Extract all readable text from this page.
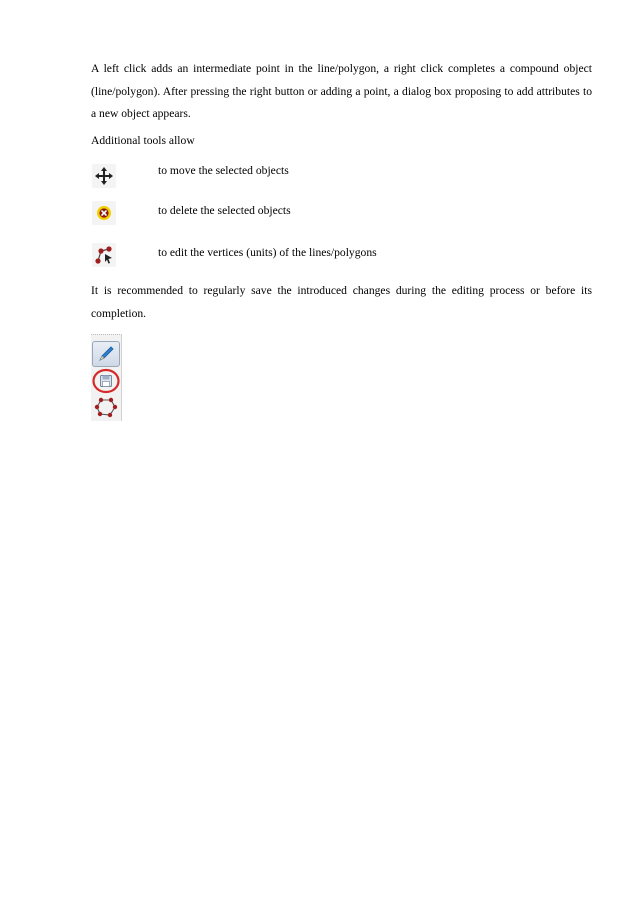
A left click adds an intermediate point in the line/polygon, a right click completes a compound object (line/polygon). After pressing the right button or adding a point, a dialog box proposing to add attributes to a new object appears.

Additional tools allow

to move the selected objects
to delete the selected objects
to edit the vertices (units) of the lines/polygons

It is recommended to regularly save the introduced changes during the editing process or before its completion.
